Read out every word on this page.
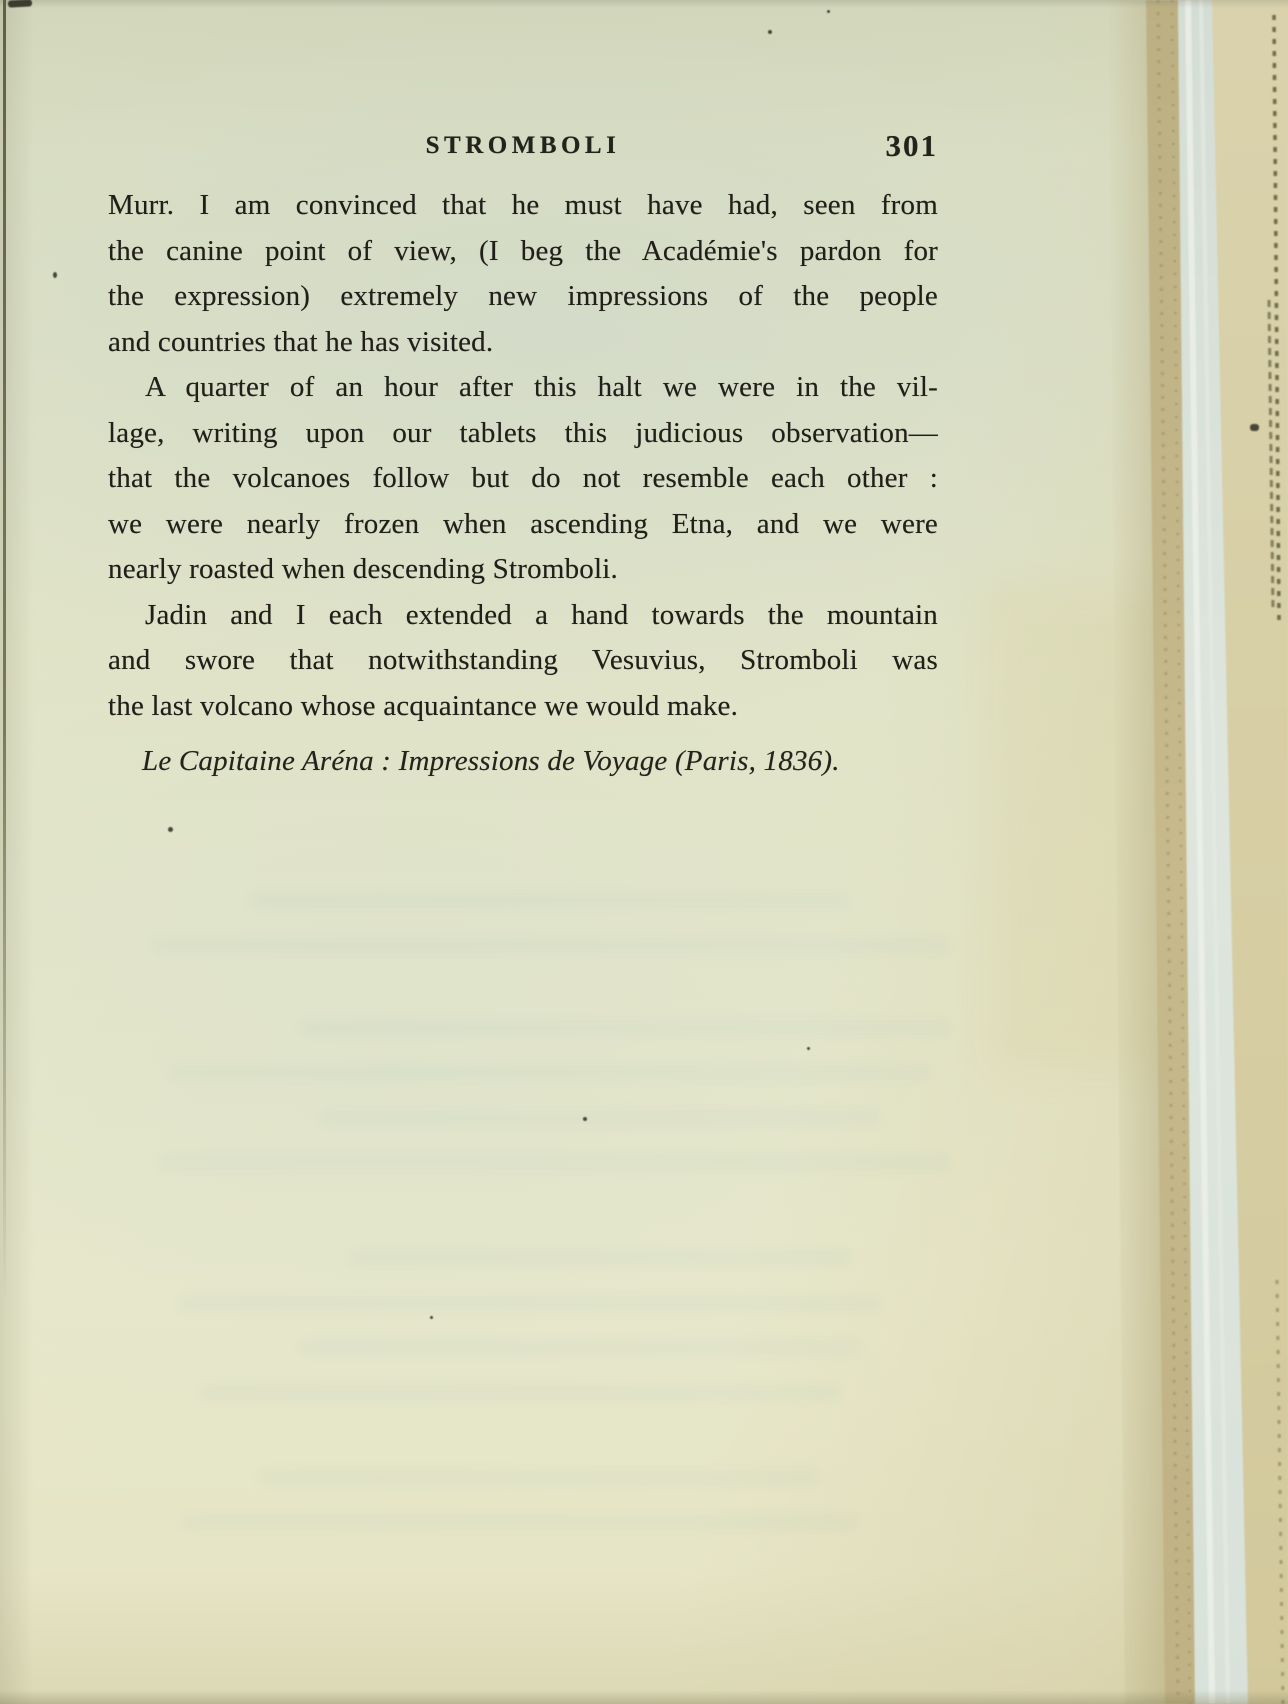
STROMBOLI	301
Murr. I am convinced that he must have had, seen from
the canine point of view, (I beg the Académie's pardon for
the expression) extremely new impressions of the people
and countries that he has visited.
A quarter of an hour after this halt we were in the vil-
lage, writing upon our tablets this judicious observation—
that the volcanoes follow but do not resemble each other :
we were nearly frozen when ascending Etna, and we were
nearly roasted when descending Stromboli.
Jadin and I each extended a hand towards the mountain
and swore that notwithstanding Vesuvius, Stromboli was
the last volcano whose acquaintance we would make.
Le Capitaine Aréna : Impressions de Voyage (Paris, 1836).
